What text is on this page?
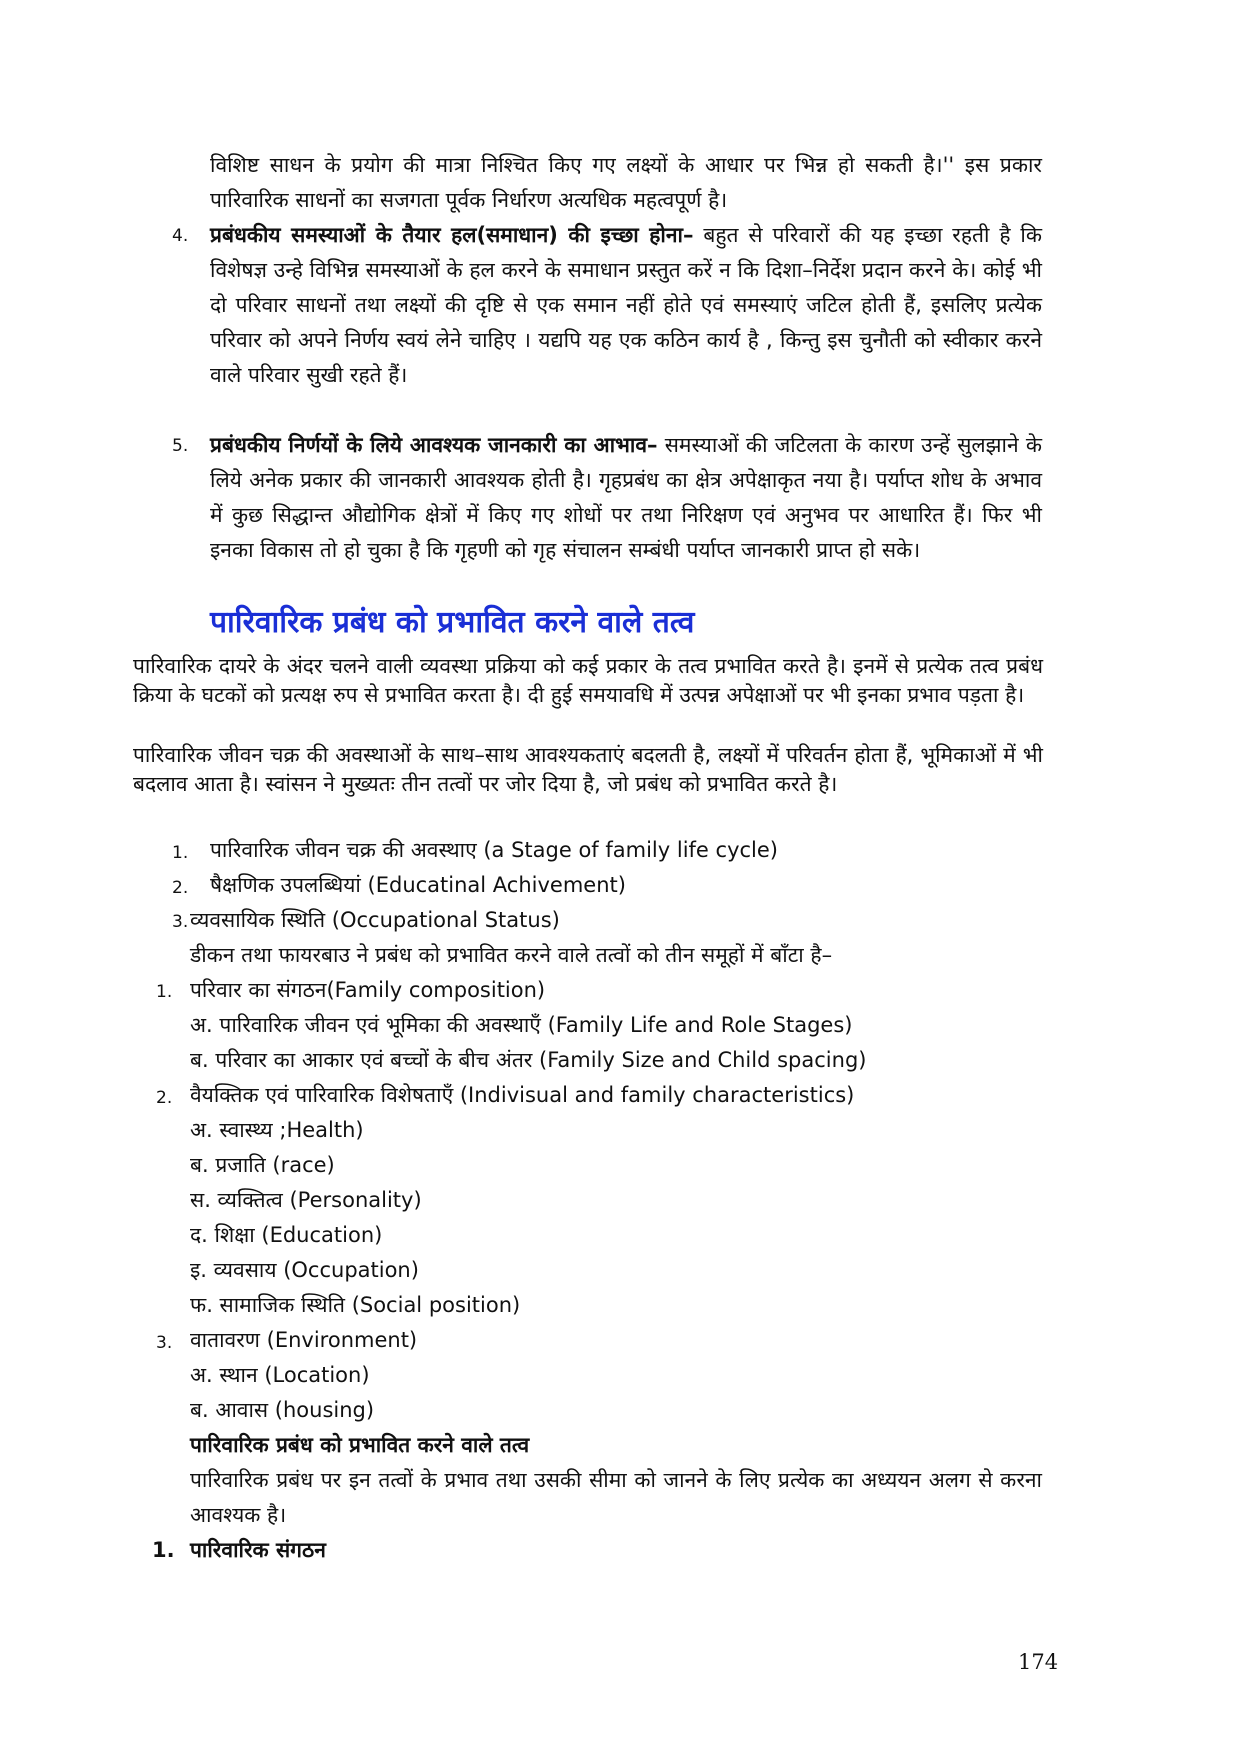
विशिष्ट साधन के प्रयोग की मात्रा निश्चित किए गए लक्ष्यों के आधार पर भिन्न हो सकती है।'' इस प्रकार पारिवारिक साधनों का सजगता पूर्वक निर्धारण अत्यधिक महत्वपूर्ण है।
4. प्रबंधकीय समस्याओं के तैयार हल(समाधान) की इच्छा होना– बहुत से परिवारों की यह इच्छा रहती है कि विशेषज्ञ उन्हे विभिन्न समस्याओं के हल करने के समाधान प्रस्तुत करें न कि दिशा–निर्देश प्रदान करने के। कोई भी दो परिवार साधनों तथा लक्ष्यों की दृष्टि से एक समान नहीं होते एवं समस्याएं जटिल होती हैं, इसलिए प्रत्येक परिवार को अपने निर्णय स्वयं लेने चाहिए । यद्यपि यह एक कठिन कार्य है , किन्तु इस चुनौती को स्वीकार करने वाले परिवार सुखी रहते हैं।
5. प्रबंधकीय निर्णयों के लिये आवश्यक जानकारी का आभाव– समस्याओं की जटिलता के कारण उन्हें सुलझाने के लिये अनेक प्रकार की जानकारी आवश्यक होती है। गृहप्रबंध का क्षेत्र अपेक्षाकृत नया है। पर्याप्त शोध के अभाव में कुछ सिद्धान्त औद्योगिक क्षेत्रों में किए गए शोधों पर तथा निरिक्षण एवं अनुभव पर आधारित हैं। फिर भी इनका विकास तो हो चुका है कि गृहणी को गृह संचालन सम्बंधी पर्याप्त जानकारी प्राप्त हो सके।
पारिवारिक प्रबंध को प्रभावित करने वाले तत्व
पारिवारिक दायरे के अंदर चलने वाली व्यवस्था प्रक्रिया को कई प्रकार के तत्व प्रभावित करते है। इनमें से प्रत्येक तत्व प्रबंध क्रिया के घटकों को प्रत्यक्ष रुप से प्रभावित करता है। दी हुई समयावधि में उत्पन्न अपेक्षाओं पर भी इनका प्रभाव पड़ता है।
पारिवारिक जीवन चक्र की अवस्थाओं के साथ–साथ आवश्यकताएं बदलती है, लक्ष्यों में परिवर्तन होता हैं, भूमिकाओं में भी बदलाव आता है। स्वांसन ने मुख्यतः तीन तत्वों पर जोर दिया है, जो प्रबंध को प्रभावित करते है।
1. पारिवारिक जीवन चक्र की अवस्थाए (a Stage of family life cycle)
2. षैक्षणिक उपलब्धियां (Educatinal Achivement)
3. व्यवसायिक स्थिति (Occupational Status)
डीकन तथा फायरबाउ ने प्रबंध को प्रभावित करने वाले तत्वों को तीन समूहों में बाँटा है–
1. परिवार का संगठन(Family composition)
अ. पारिवारिक जीवन एवं भूमिका की अवस्थाएँ (Family Life and Role Stages)
ब. परिवार का आकार एवं बच्चों के बीच अंतर (Family Size and Child spacing)
2. वैयक्तिक एवं पारिवारिक विशेषताएँ (Indivisual and family characteristics)
अ. स्वास्थ्य ;Health)
ब. प्रजाति (race)
स. व्यक्तित्व (Personality)
द. शिक्षा (Education)
इ. व्यवसाय (Occupation)
फ. सामाजिक स्थिति (Social position)
3. वातावरण (Environment)
अ. स्थान (Location)
ब. आवास (housing)
पारिवारिक प्रबंध को प्रभावित करने वाले तत्व
पारिवारिक प्रबंध पर इन तत्वों के प्रभाव तथा उसकी सीमा को जानने के लिए प्रत्येक का अध्ययन अलग से करना आवश्यक है।
1. पारिवारिक संगठन
174
